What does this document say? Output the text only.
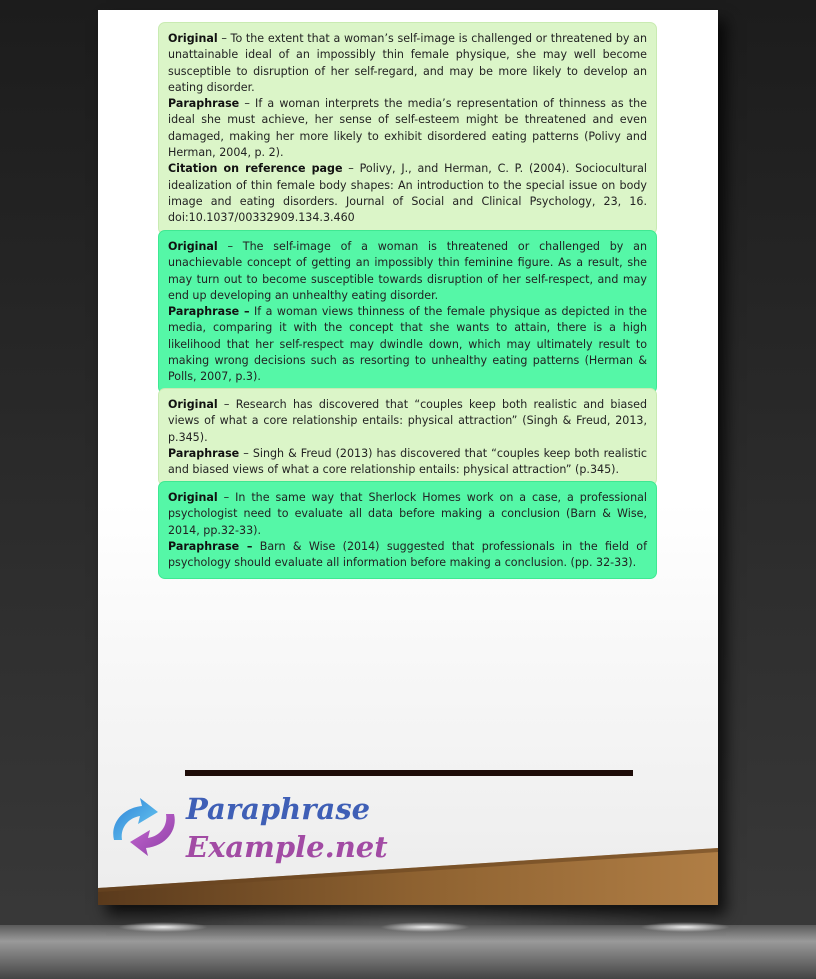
Original – To the extent that a woman’s self-image is challenged or threatened by an unattainable ideal of an impossibly thin female physique, she may well become susceptible to disruption of her self-regard, and may be more likely to develop an eating disorder.

Paraphrase – If a woman interprets the media’s representation of thinness as the ideal she must achieve, her sense of self-esteem might be threatened and even damaged, making her more likely to exhibit disordered eating patterns (Polivy and Herman, 2004, p. 2).

Citation on reference page – Polivy, J., and Herman, C. P. (2004). Sociocultural idealization of thin female body shapes: An introduction to the special issue on body image and eating disorders. Journal of Social and Clinical Psychology, 23, 16. doi:10.1037/00332909.134.3.460

Original – The self-image of a woman is threatened or challenged by an unachievable concept of getting an impossibly thin feminine figure. As a result, she may turn out to become susceptible towards disruption of her self-respect, and may end up developing an unhealthy eating disorder.

Paraphrase – If a woman views thinness of the female physique as depicted in the media, comparing it with the concept that she wants to attain, there is a high likelihood that her self-respect may dwindle down, which may ultimately result to making wrong decisions such as resorting to unhealthy eating patterns (Herman & Polls, 2007, p.3).

Original – Research has discovered that “couples keep both realistic and biased views of what a core relationship entails: physical attraction” (Singh & Freud, 2013, p.345).

Paraphrase – Singh & Freud (2013) has discovered that “couples keep both realistic and biased views of what a core relationship entails: physical attraction” (p.345).

Original – In the same way that Sherlock Homes work on a case, a professional psychologist need to evaluate all data before making a conclusion (Barn & Wise, 2014, pp.32-33).

Paraphrase – Barn & Wise (2014) suggested that professionals in the field of psychology should evaluate all information before making a conclusion. (pp. 32-33).

Paraphrase
Example.net
